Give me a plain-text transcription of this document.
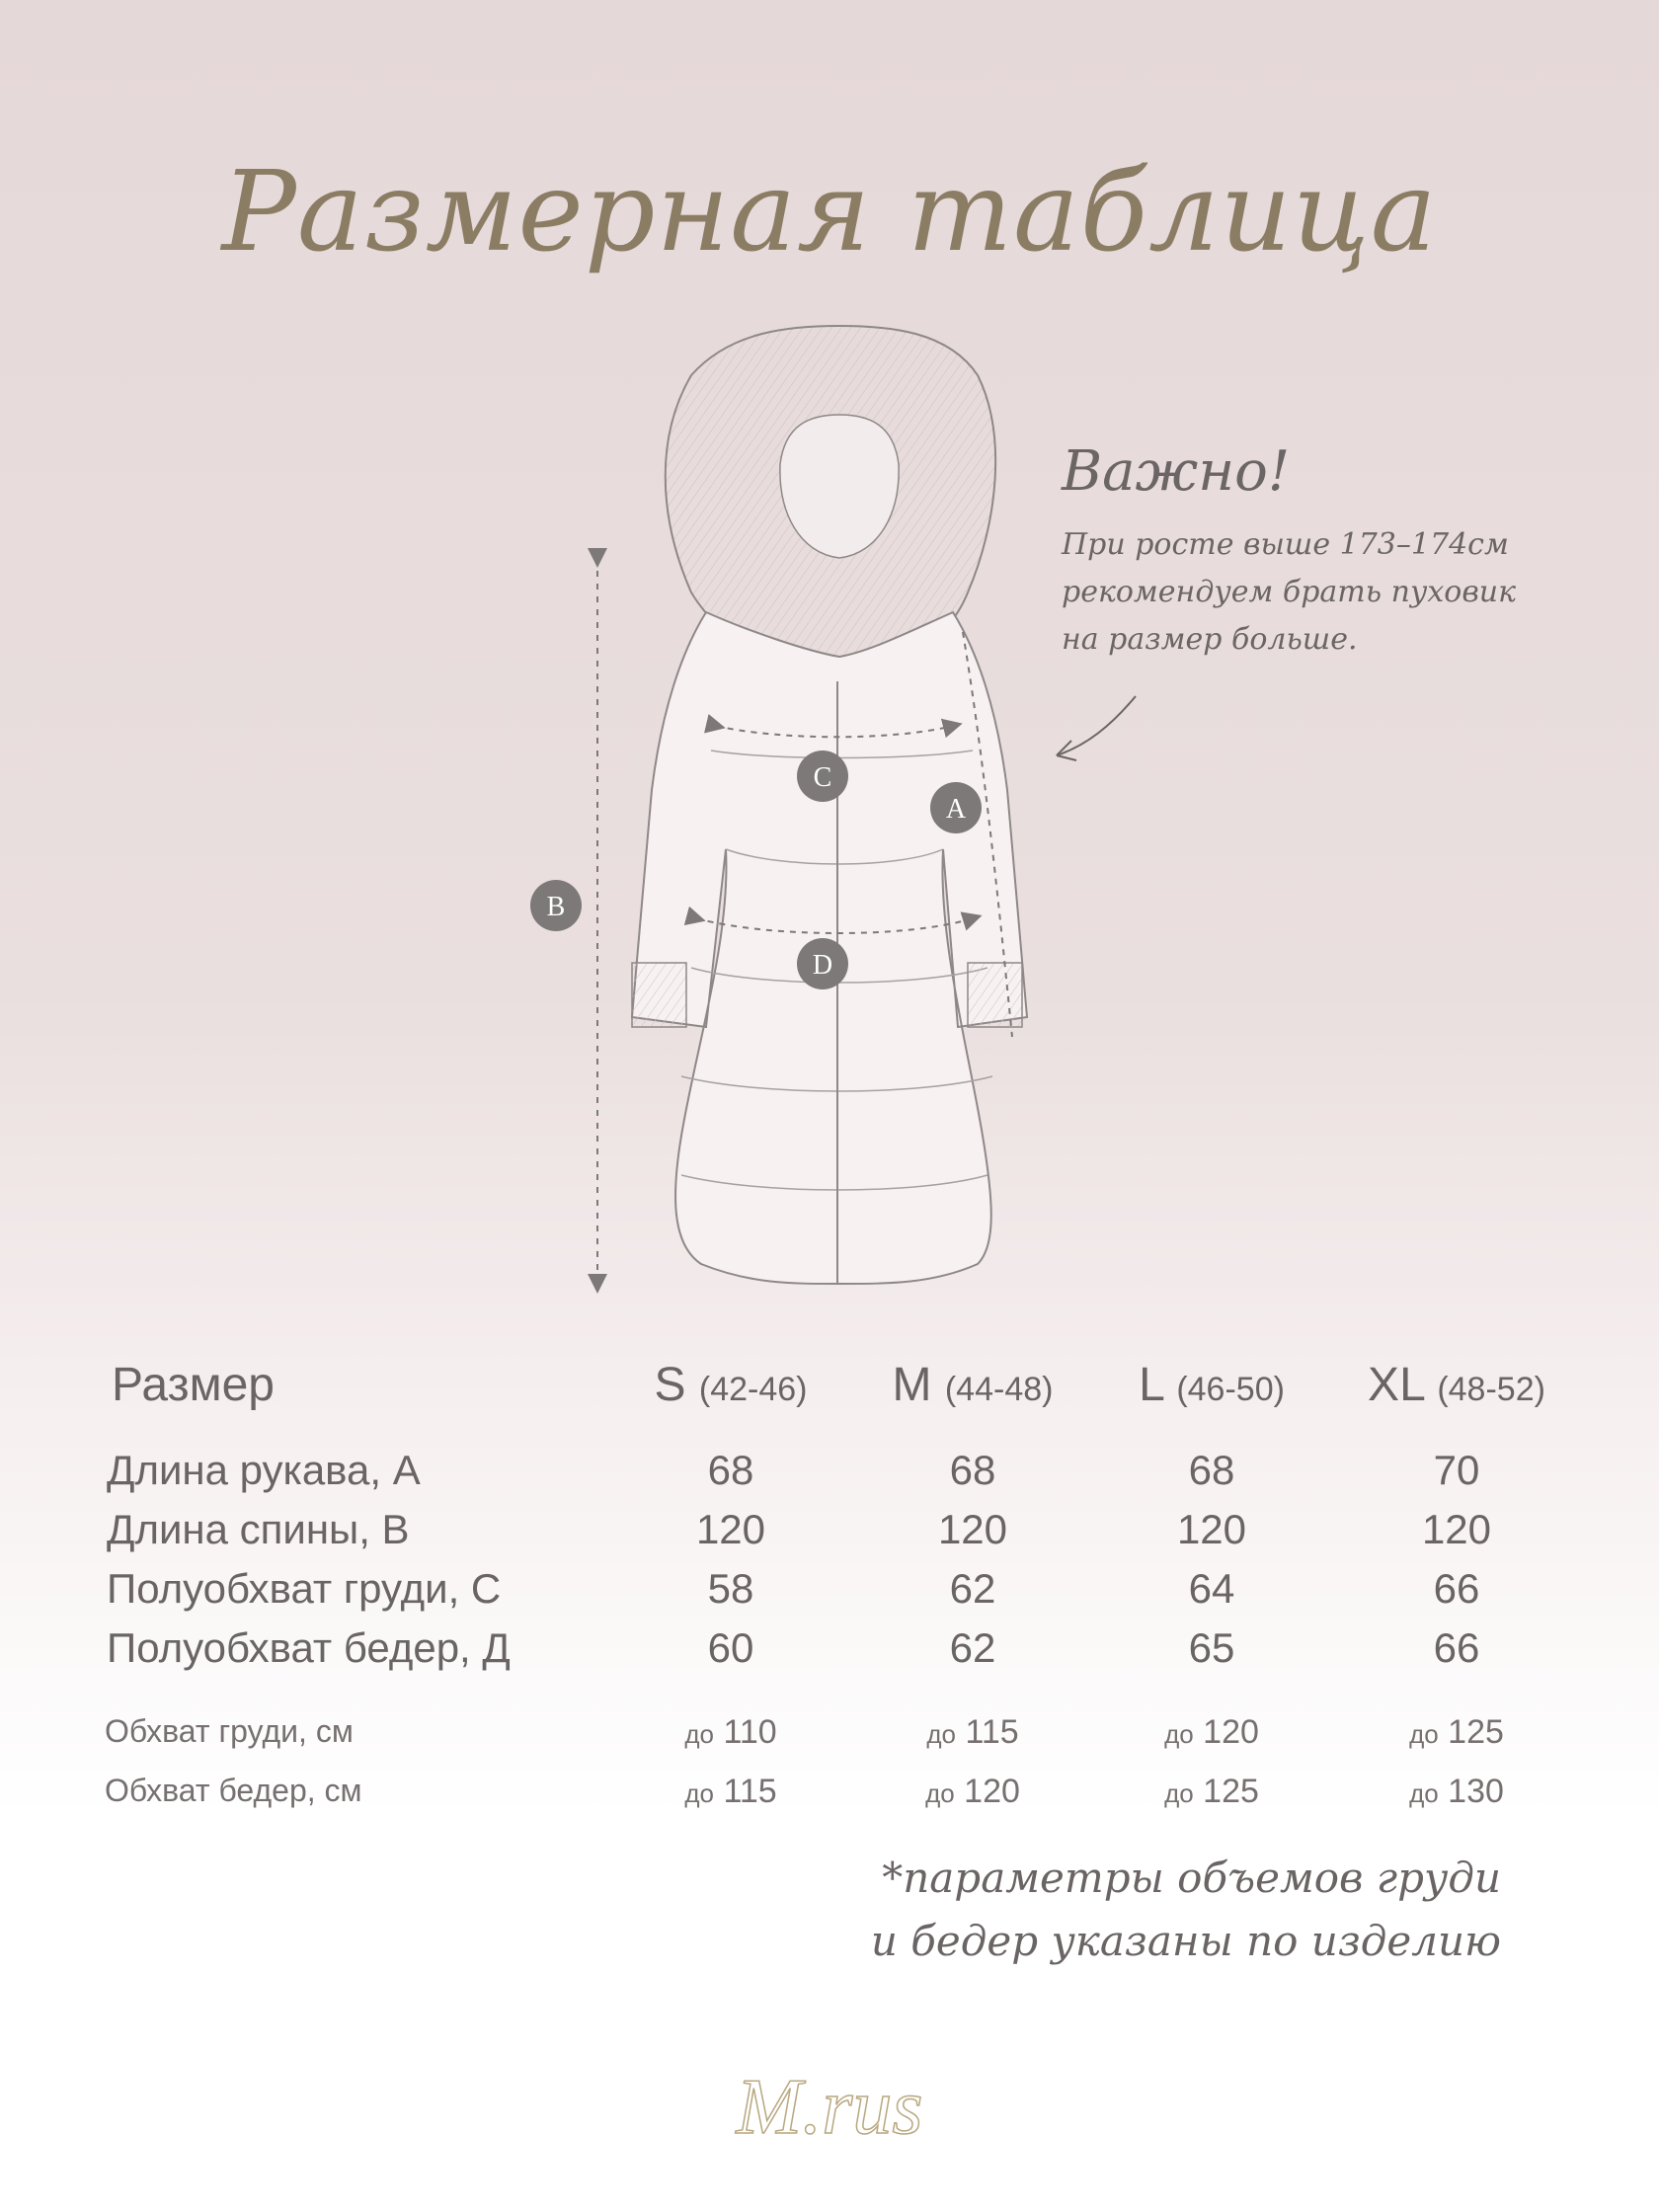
Размерная таблица
C
A
B
D
Важно!
При росте выше 173–174см
рекомендуем брать пуховик
на размер больше.
Размер	S (42-46)	M (44-48)	L (46-50)	XL (48-52)
Длина рукава, А	68	68	68	70
Длина спины, В	120	120	120	120
Полуобхват груди, С	58	62	64	66
Полуобхват бедер, Д	60	62	65	66
Обхват груди, см	до 110	до 115	до 120	до 125
Обхват бедер, см	до 115	до 120	до 125	до 130
*параметры объемов груди
и бедер указаны по изделию
M.rus
